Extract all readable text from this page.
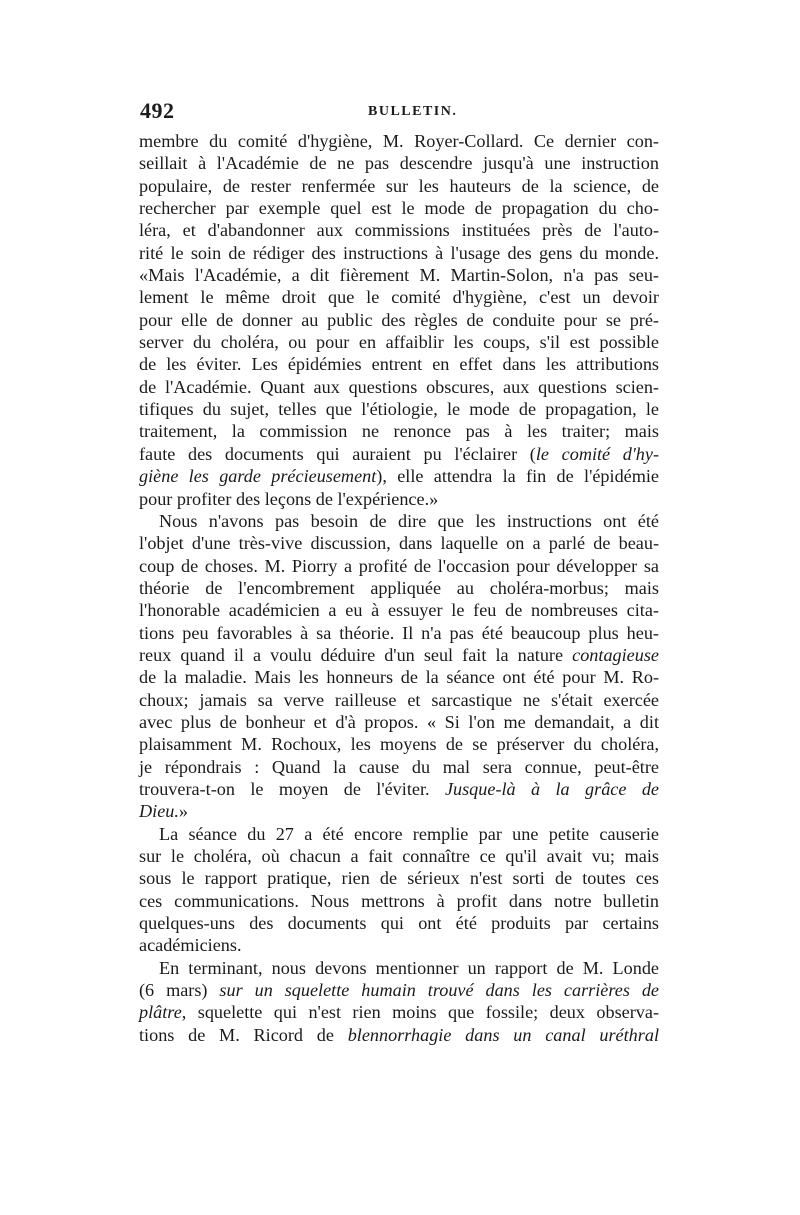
492	BULLETIN.
membre du comité d'hygiène, M. Royer-Collard. Ce dernier con-
seillait à l'Académie de ne pas descendre jusqu'à une instruction
populaire, de rester renfermée sur les hauteurs de la science, de
rechercher par exemple quel est le mode de propagation du cho-
léra, et d'abandonner aux commissions instituées près de l'auto-
rité le soin de rédiger des instructions à l'usage des gens du monde.
«Mais l'Académie, a dit fièrement M. Martin-Solon, n'a pas seu-
lement le même droit que le comité d'hygiène, c'est un devoir
pour elle de donner au public des règles de conduite pour se pré-
server du choléra, ou pour en affaiblir les coups, s'il est possible
de les éviter. Les épidémies entrent en effet dans les attributions
de l'Académie. Quant aux questions obscures, aux questions scien-
tifiques du sujet, telles que l'étiologie, le mode de propagation, le
traitement, la commission ne renonce pas à les traiter; mais
faute des documents qui auraient pu l'éclairer (le comité d'hy-
giène les garde précieusement), elle attendra la fin de l'épidémie
pour profiter des leçons de l'expérience.»
Nous n'avons pas besoin de dire que les instructions ont été
l'objet d'une très-vive discussion, dans laquelle on a parlé de beau-
coup de choses. M. Piorry a profité de l'occasion pour développer sa
théorie de l'encombrement appliquée au choléra-morbus; mais
l'honorable académicien a eu à essuyer le feu de nombreuses cita-
tions peu favorables à sa théorie. Il n'a pas été beaucoup plus heu-
reux quand il a voulu déduire d'un seul fait la nature contagieuse
de la maladie. Mais les honneurs de la séance ont été pour M. Ro-
choux; jamais sa verve railleuse et sarcastique ne s'était exercée
avec plus de bonheur et d'à propos. « Si l'on me demandait, a dit
plaisamment M. Rochoux, les moyens de se préserver du choléra,
je répondrais : Quand la cause du mal sera connue, peut-être
trouvera-t-on le moyen de l'éviter. Jusque-là à la grâce de
Dieu.»
La séance du 27 a été encore remplie par une petite causerie
sur le choléra, où chacun a fait connaître ce qu'il avait vu; mais
sous le rapport pratique, rien de sérieux n'est sorti de toutes ces
ces communications. Nous mettrons à profit dans notre bulletin
quelques-uns des documents qui ont été produits par certains
académiciens.
En terminant, nous devons mentionner un rapport de M. Londe
(6 mars) sur un squelette humain trouvé dans les carrières de
plâtre, squelette qui n'est rien moins que fossile; deux observa-
tions de M. Ricord de blennorrhagie dans un canal uréthral
